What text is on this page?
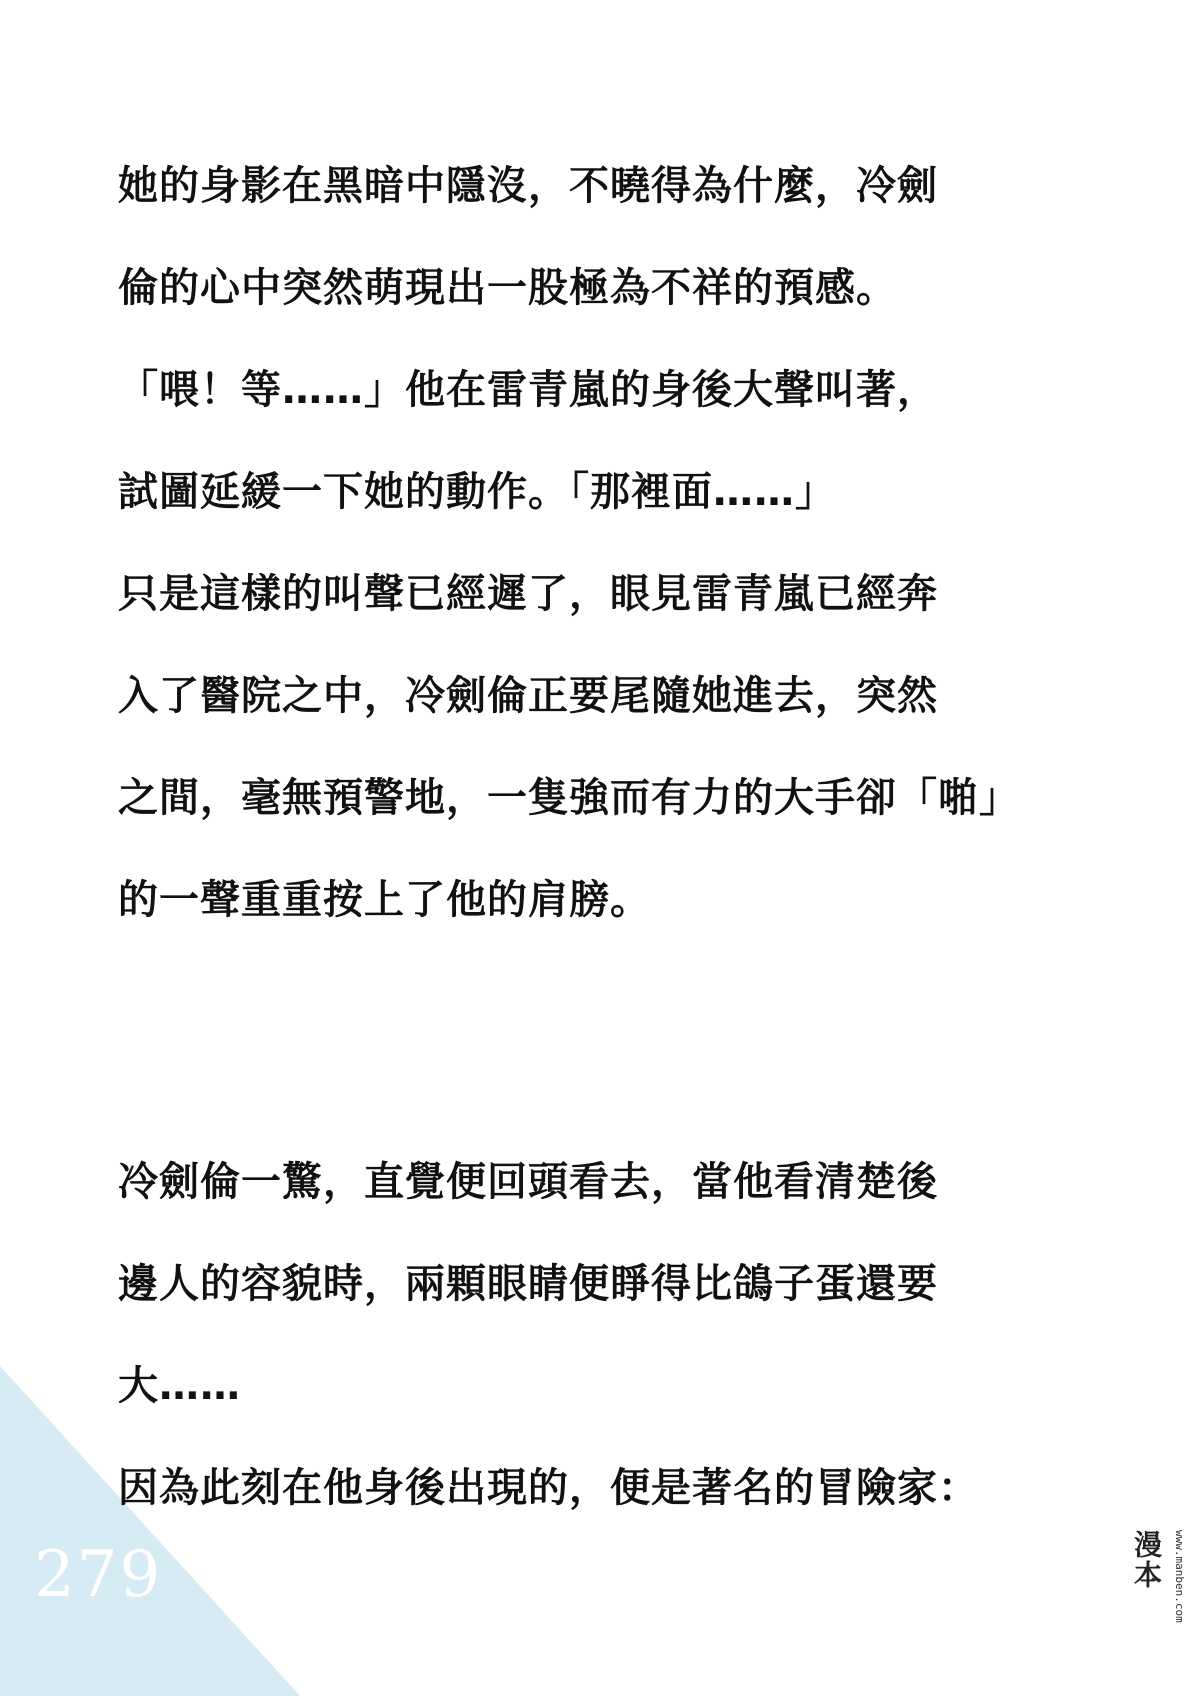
她的身影在黑暗中隱沒，不曉得為什麼，冷劍
倫的心中突然萌現出一股極為不祥的預感。
「喂！等……」他在雷青嵐的身後大聲叫著，
試圖延緩一下她的動作。「那裡面……」
只是這樣的叫聲已經遲了，眼見雷青嵐已經奔
入了醫院之中，冷劍倫正要尾隨她進去，突然
之間，毫無預警地，一隻強而有力的大手卻「啪」
的一聲重重按上了他的肩膀。
冷劍倫一驚，直覺便回頭看去，當他看清楚後
邊人的容貌時，兩顆眼睛便睜得比鴿子蛋還要
大……
因為此刻在他身後出現的，便是著名的冒險家：
279	漫本 www.manben.com
